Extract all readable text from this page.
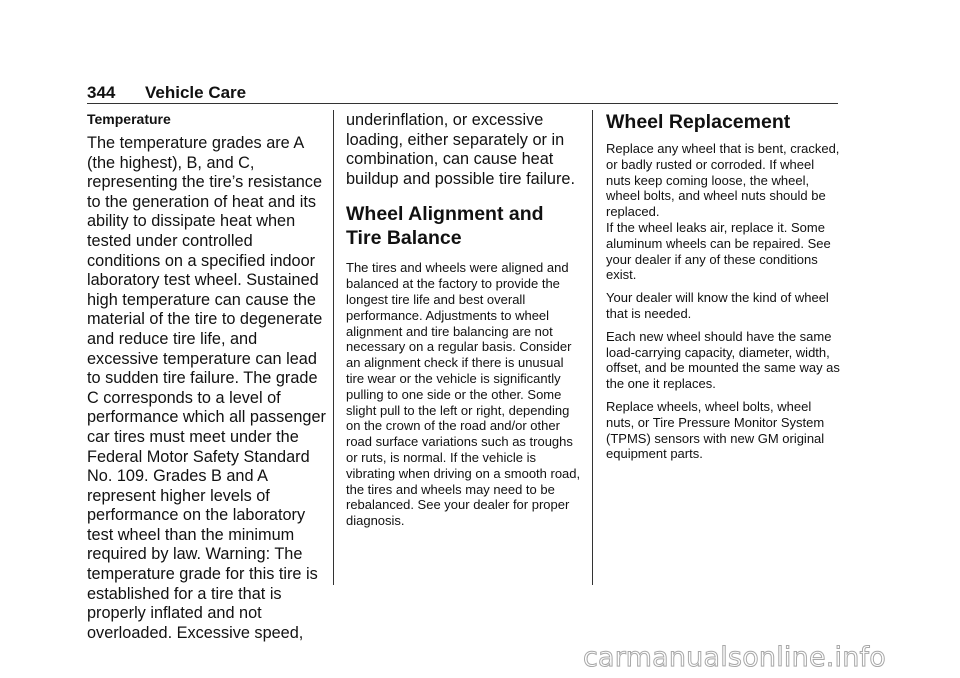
344 Vehicle Care
Temperature

The temperature grades are A (the highest), B, and C, representing the tire’s resistance to the generation of heat and its ability to dissipate heat when tested under controlled conditions on a specified indoor laboratory test wheel. Sustained high temperature can cause the material of the tire to degenerate and reduce tire life, and excessive temperature can lead to sudden tire failure. The grade C corresponds to a level of performance which all passenger car tires must meet under the Federal Motor Safety Standard No. 109. Grades B and A represent higher levels of performance on the laboratory test wheel than the minimum required by law. Warning: The temperature grade for this tire is established for a tire that is properly inflated and not overloaded. Excessive speed,

underinflation, or excessive loading, either separately or in combination, can cause heat buildup and possible tire failure.

Wheel Alignment and Tire Balance

The tires and wheels were aligned and balanced at the factory to provide the longest tire life and best overall performance. Adjustments to wheel alignment and tire balancing are not necessary on a regular basis. Consider an alignment check if there is unusual tire wear or the vehicle is significantly pulling to one side or the other. Some slight pull to the left or right, depending on the crown of the road and/or other road surface variations such as troughs or ruts, is normal. If the vehicle is vibrating when driving on a smooth road, the tires and wheels may need to be rebalanced. See your dealer for proper diagnosis.

Wheel Replacement

Replace any wheel that is bent, cracked, or badly rusted or corroded. If wheel nuts keep coming loose, the wheel, wheel bolts, and wheel nuts should be replaced.

If the wheel leaks air, replace it. Some aluminum wheels can be repaired. See your dealer if any of these conditions exist.

Your dealer will know the kind of wheel that is needed.

Each new wheel should have the same load-carrying capacity, diameter, width, offset, and be mounted the same way as the one it replaces.

Replace wheels, wheel bolts, wheel nuts, or Tire Pressure Monitor System (TPMS) sensors with new GM original equipment parts.

carmanualsonline.info
